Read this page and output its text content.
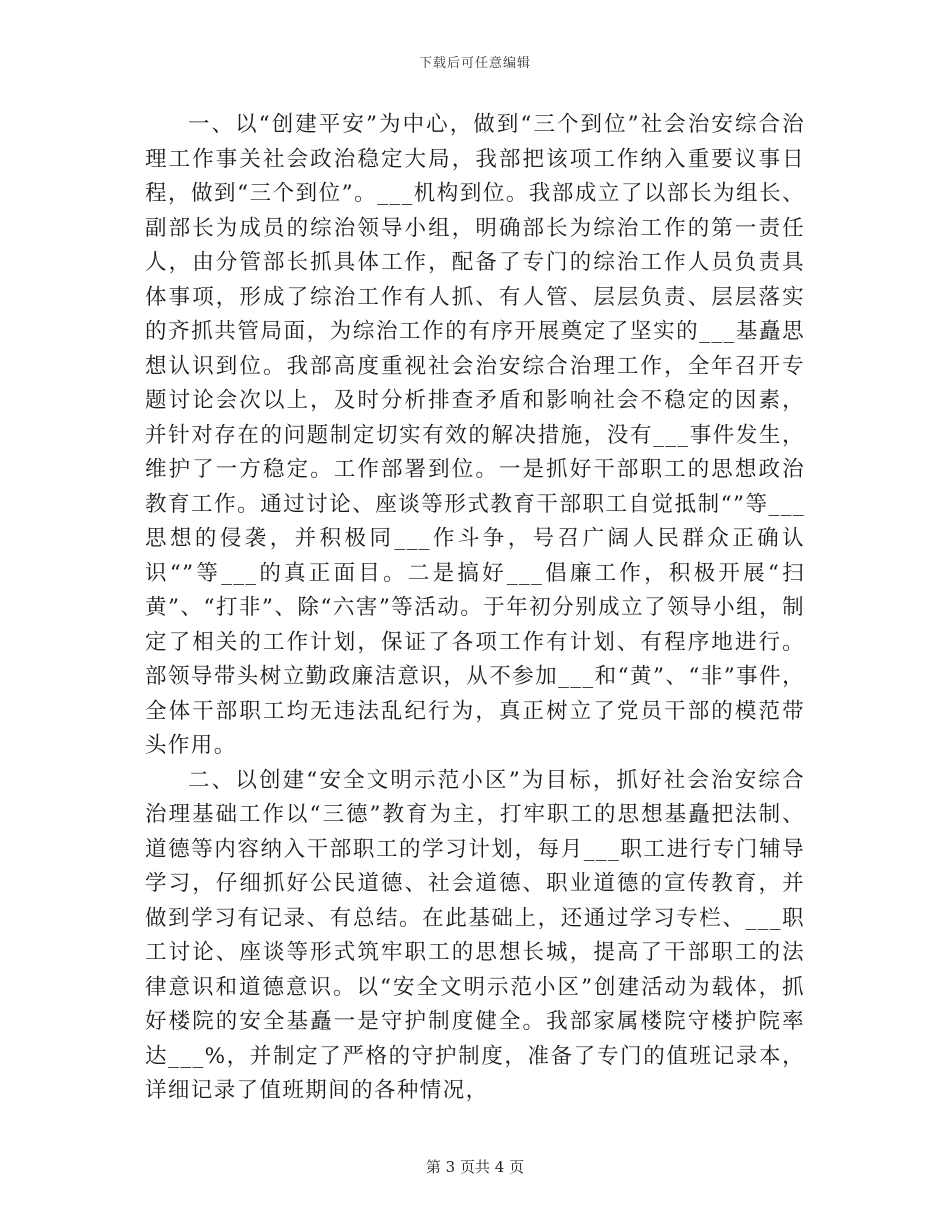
下载后可任意编辑

一、以“创建平安”为中心，做到“三个到位”社会治安综合治理工作事关社会政治稳定大局，我部把该项工作纳入重要议事日程，做到“三个到位”。___机构到位。我部成立了以部长为组长、副部长为成员的综治领导小组，明确部长为综治工作的第一责任人，由分管部长抓具体工作，配备了专门的综治工作人员负责具体事项，形成了综治工作有人抓、有人管、层层负责、层层落实的齐抓共管局面，为综治工作的有序开展奠定了坚实的___基矗思想认识到位。我部高度重视社会治安综合治理工作，全年召开专题讨论会次以上，及时分析排查矛盾和影响社会不稳定的因素，并针对存在的问题制定切实有效的解决措施，没有___事件发生，维护了一方稳定。工作部署到位。一是抓好干部职工的思想政治教育工作。通过讨论、座谈等形式教育干部职工自觉抵制“”等___思想的侵袭，并积极同___作斗争，号召广阔人民群众正确认识“”等___的真正面目。二是搞好___倡廉工作，积极开展“扫黄”、“打非”、除“六害”等活动。于年初分别成立了领导小组，制定了相关的工作计划，保证了各项工作有计划、有程序地进行。部领导带头树立勤政廉洁意识，从不参加___和“黄”、“非”事件，全体干部职工均无违法乱纪行为，真正树立了党员干部的模范带头作用。

二、以创建“安全文明示范小区”为目标，抓好社会治安综合治理基础工作以“三德”教育为主，打牢职工的思想基矗把法制、道德等内容纳入干部职工的学习计划，每月___职工进行专门辅导学习，仔细抓好公民道德、社会道德、职业道德的宣传教育，并做到学习有记录、有总结。在此基础上，还通过学习专栏、___职工讨论、座谈等形式筑牢职工的思想长城，提高了干部职工的法律意识和道德意识。以“安全文明示范小区”创建活动为载体，抓好楼院的安全基矗一是守护制度健全。我部家属楼院守楼护院率达___%，并制定了严格的守护制度，准备了专门的值班记录本，详细记录了值班期间的各种情况，

第 3 页共 4 页
